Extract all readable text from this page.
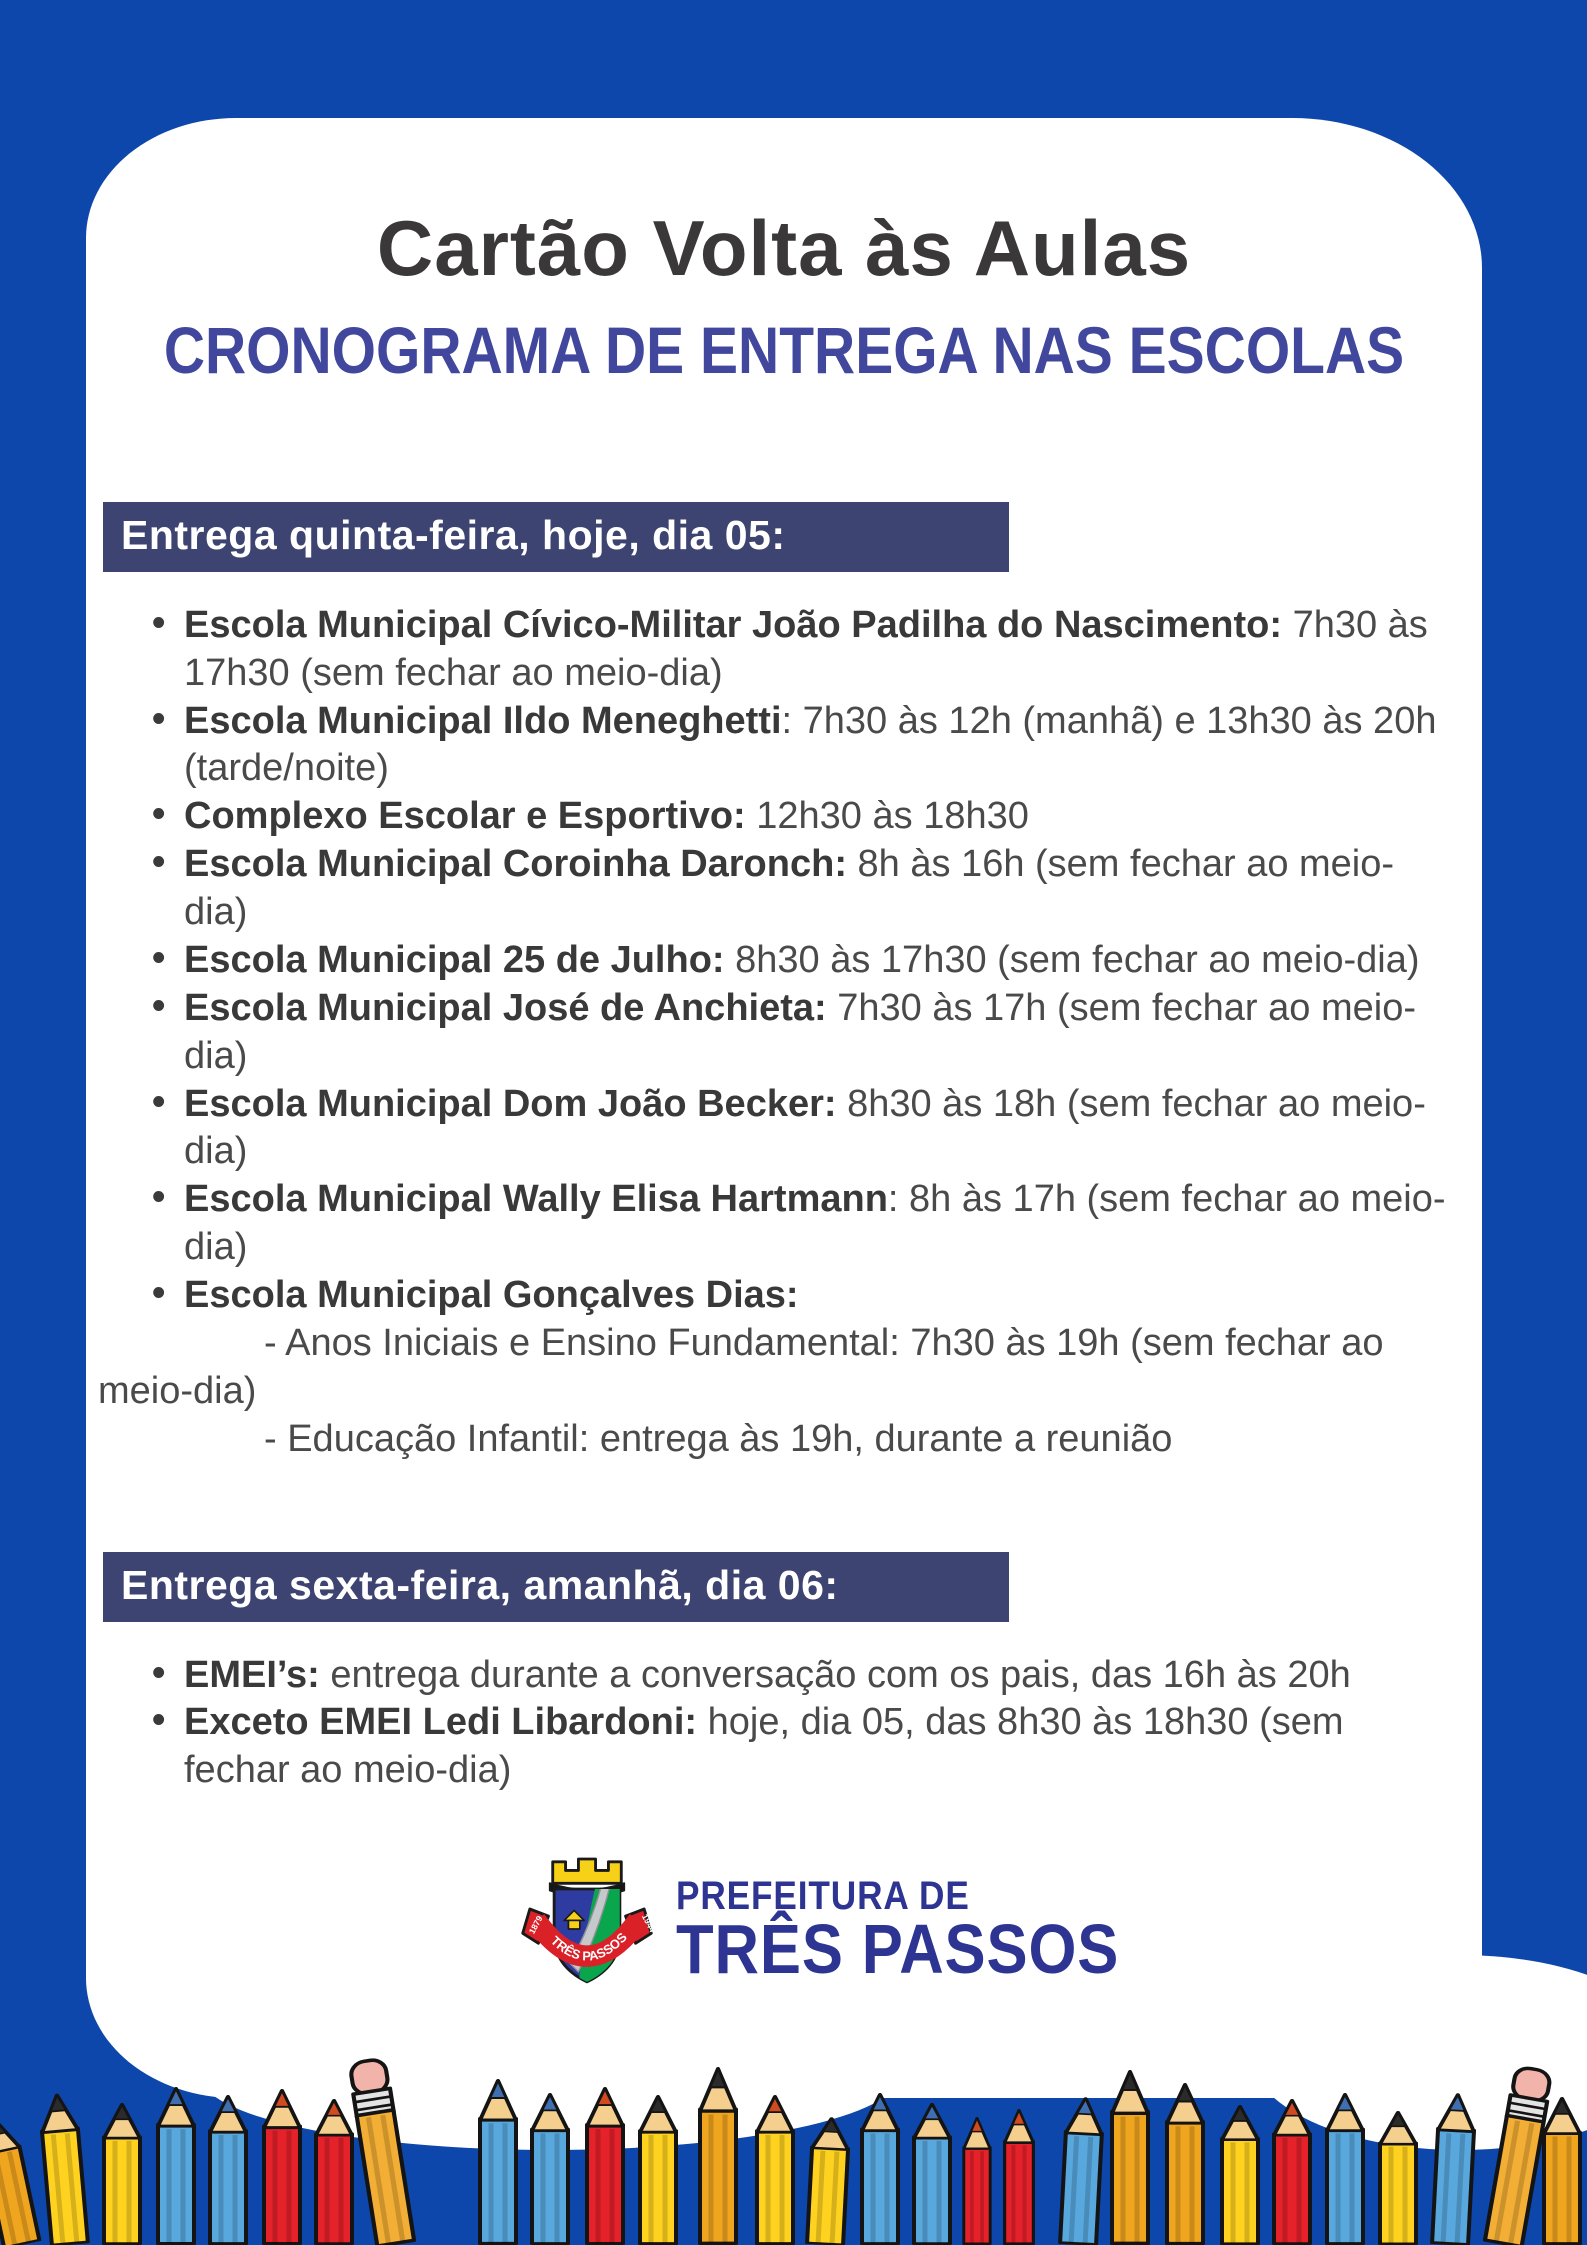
Cartão Volta às Aulas
CRONOGRAMA DE ENTREGA NAS ESCOLAS
Entrega quinta-feira, hoje, dia 05:
• Escola Municipal Cívico-Militar João Padilha do Nascimento: 7h30 às 17h30 (sem fechar ao meio-dia)
• Escola Municipal Ildo Meneghetti: 7h30 às 12h (manhã) e 13h30 às 20h (tarde/noite)
• Complexo Escolar e Esportivo: 12h30 às 18h30
• Escola Municipal Coroinha Daronch: 8h às 16h (sem fechar ao meio-dia)
• Escola Municipal 25 de Julho: 8h30 às 17h30 (sem fechar ao meio-dia)
• Escola Municipal José de Anchieta: 7h30 às 17h (sem fechar ao meio-dia)
• Escola Municipal Dom João Becker: 8h30 às 18h (sem fechar ao meio-dia)
• Escola Municipal Wally Elisa Hartmann: 8h às 17h (sem fechar ao meio-dia)
• Escola Municipal Gonçalves Dias:
- Anos Iniciais e Ensino Fundamental: 7h30 às 19h (sem fechar ao
meio-dia)
- Educação Infantil: entrega às 19h, durante a reunião
Entrega sexta-feira, amanhã, dia 06:
• EMEI’s: entrega durante a conversação com os pais, das 16h às 20h
• Exceto EMEI Ledi Libardoni: hoje, dia 05, das 8h30 às 18h30 (sem fechar ao meio-dia)
TRÊS PASSOS
1879	1944
PREFEITURA DE
TRÊS PASSOS
